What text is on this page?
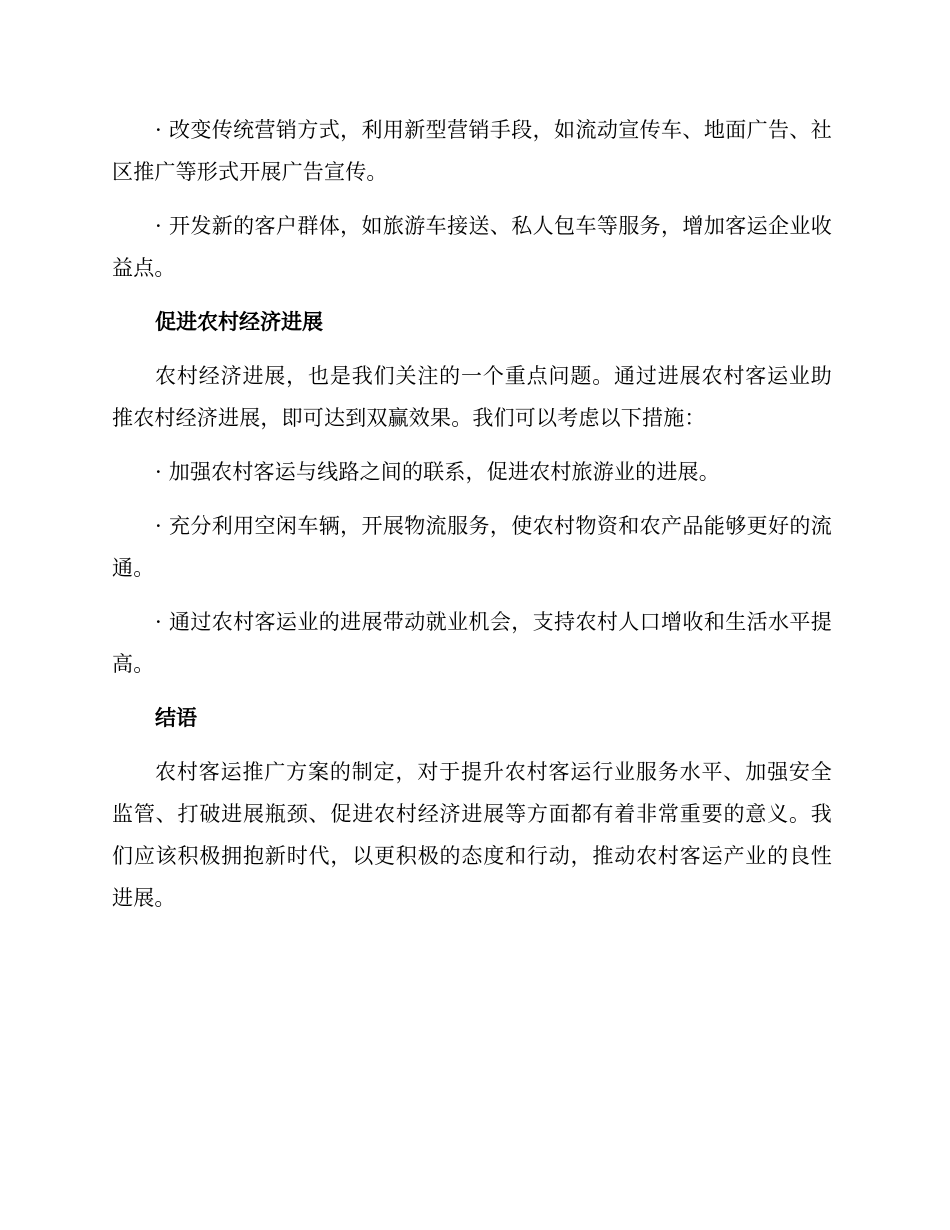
· 改变传统营销方式，利用新型营销手段，如流动宣传车、地面广告、社区推广等形式开展广告宣传。

· 开发新的客户群体，如旅游车接送、私人包车等服务，增加客运企业收益点。

促进农村经济进展

农村经济进展，也是我们关注的一个重点问题。通过进展农村客运业助推农村经济进展，即可达到双赢效果。我们可以考虑以下措施：

· 加强农村客运与线路之间的联系，促进农村旅游业的进展。

· 充分利用空闲车辆，开展物流服务，使农村物资和农产品能够更好的流通。

· 通过农村客运业的进展带动就业机会，支持农村人口增收和生活水平提高。

结语

农村客运推广方案的制定，对于提升农村客运行业服务水平、加强安全监管、打破进展瓶颈、促进农村经济进展等方面都有着非常重要的意义。我们应该积极拥抱新时代，以更积极的态度和行动，推动农村客运产业的良性进展。
